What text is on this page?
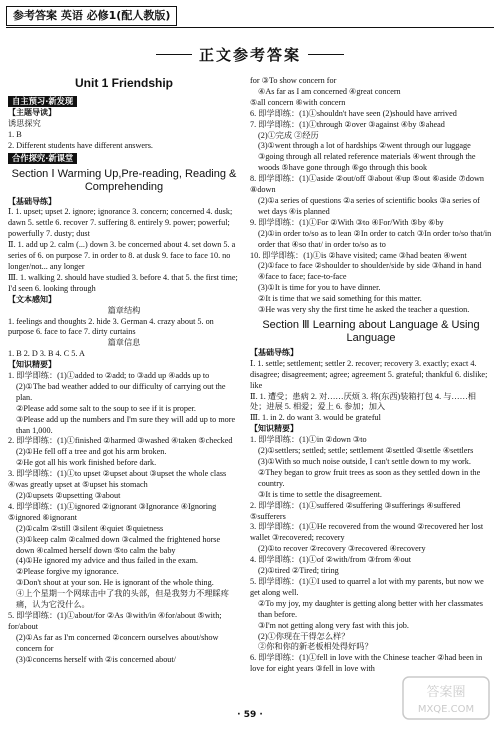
参考答案 英语 必修1(配人教版)
正文参考答案
Unit 1 Friendship
自主预习·新发现
【主题导读】

诱思探究

1. B

2. Different students have different answers.

合作探究·新课堂
Section Ⅰ Warming Up,Pre-reading, Reading & Comprehending
【基础导练】

Ⅰ. 1. upset; upset 2. ignore; ignorance 3. concern; concerned 4. dusk; dawn 5. settle 6. recover 7. suffering 8. entirely 9. power; powerful; powerfully 7. dusty; dust

Ⅱ. 1. add up 2. calm (...) down 3. be concerned about 4. set down 5. a series of 6. on purpose 7. in order to 8. at dusk 9. face to face 10. no longer/not... any longer

Ⅲ. 1. walking 2. should have studied 3. before 4. that 5. the first time; I'd seen 6. looking through

【文本感知】

篇章结构

1. feelings and thoughts 2. hide 3. German 4. crazy about 5. on purpose 6. face to face 7. dirty curtains

篇章信息

1. B 2. D 3. B 4. C 5. A

【知识精要】

1. 即学即练：(1)①added to ②add; to ③add up ④adds up to

(2)①The bad weather added to our difficulty of carrying out the plan.

②Please add some salt to the soup to see if it is proper.

③Please add up the numbers and I'm sure they will add up to more than 1,000.

2. 即学即练：(1)①finished ②harmed ③washed ④taken ⑤checked

(2)①He fell off a tree and got his arm broken.

②He got all his work finished before dark.

3. 即学即练：(1)①to upset ②upset about ③upset the whole class ④was greatly upset at ⑤upset his stomach

(2)①upsets ②upsetting ③about

4. 即学即练：(1)①ignored ②ignorant ③Ignorance ④Ignoring ⑤ignored ⑥ignorant

(2)①calm ②still ③silent ④quiet ⑤quietness

(3)①keep calm ②calmed down ③calmed the frightened horse down ④calmed herself down ⑤to calm the baby

(4)①He ignored my advice and thus failed in the exam.

②Please forgive my ignorance.

③Don't shout at your son. He is ignorant of the whole thing.

④上个星期一个网球击中了我的头部，但是我努力不理睬疼痛，认为它没什么。

5. 即学即练：(1)①about/for ②As ③with/in ④for/about ⑤with; for/about

(2)①As far as I'm concerned ②concern ourselves about/show concern for

(3)①concerns herself with ②is concerned about/

for ③To show concern for

④As far as I am concerned ④great concern

⑤all concern ⑥with concern

6. 即学即练：(1)①shouldn't have seen (2)should have arrived

7. 即学即练：(1)①through ②over ③against ④by ⑤ahead

(2)①完成 ②经历

(3)①went through a lot of hardships ②went through our luggage ③going through all related reference materials ④went through the woods ⑤have gone through ⑥go through this book

8. 即学即练：(1)①aside ②out/off ③about ④up ⑤out ⑥aside ⑦down ⑧down

(2)①a series of questions ②a series of scientific books ③a series of wet days ④is planned

9. 即学即练：(1)①For ②With ③to ④For/With ⑤by ⑥by

(2)①in order to/so as to lean ②In order to catch ③In order to/so that/in order that ④so that/ in order to/so as to

10. 即学即练：(1)①is ②have visited; came ③had beaten ④went

(2)①face to face ②shoulder to shoulder/side by side ③hand in hand ④face to face; face-to-face

(3)①It is time for you to have dinner.

②It is time that we said something for this matter.

③He was very shy the first time he asked the teacher a question.

Section Ⅲ Learning about Language & Using Language
【基础导练】

Ⅰ. 1. settle; settlement; settler 2. recover; recovery 3. exactly; exact 4. disagree; disagreement; agree; agreement 5. grateful; thankful 6. dislike; like

Ⅱ. 1. 遭受；患病 2. 对……厌烦 3. 将(东西)装箱打包 4. 与……相处；进展 5. 相爱；爱上 6. 参加；加入

Ⅲ. 1. in 2. do want 3. would be grateful

【知识精要】

1. 即学即练：(1)①in ②down ③to

(2)①settlers; settled; settle; settlement ②settled ③settle ④settlers

(3)①With so much noise outside, I can't settle down to my work.

②They began to grow fruit trees as soon as they settled down in the country.

③It is time to settle the disagreement.

2. 即学即练：(1)①suffered ②suffering ③sufferings ④suffered ⑤sufferers

3. 即学即练：(1)①He recovered from the wound ②recovered her lost wallet ③recovered; recovery

(2)①to recover ②recovery ③recovered ④recovery

4. 即学即练：(1)①of ②with/from ③from ④out

(2)①tired ②Tired; tiring

5. 即学即练：(1)①I used to quarrel a lot with my parents, but now we get along well.

②To my joy, my daughter is getting along better with her classmates than before.

③I'm not getting along very fast with this job.

(2)①你现在干得怎么样？

②你和你的新老板相处得好吗？

6. 即学即练：(1)①fell in love with the Chinese teacher ②had been in love for eight years ③fell in love with

· 59 ·
答案圈
MXQE.COM
